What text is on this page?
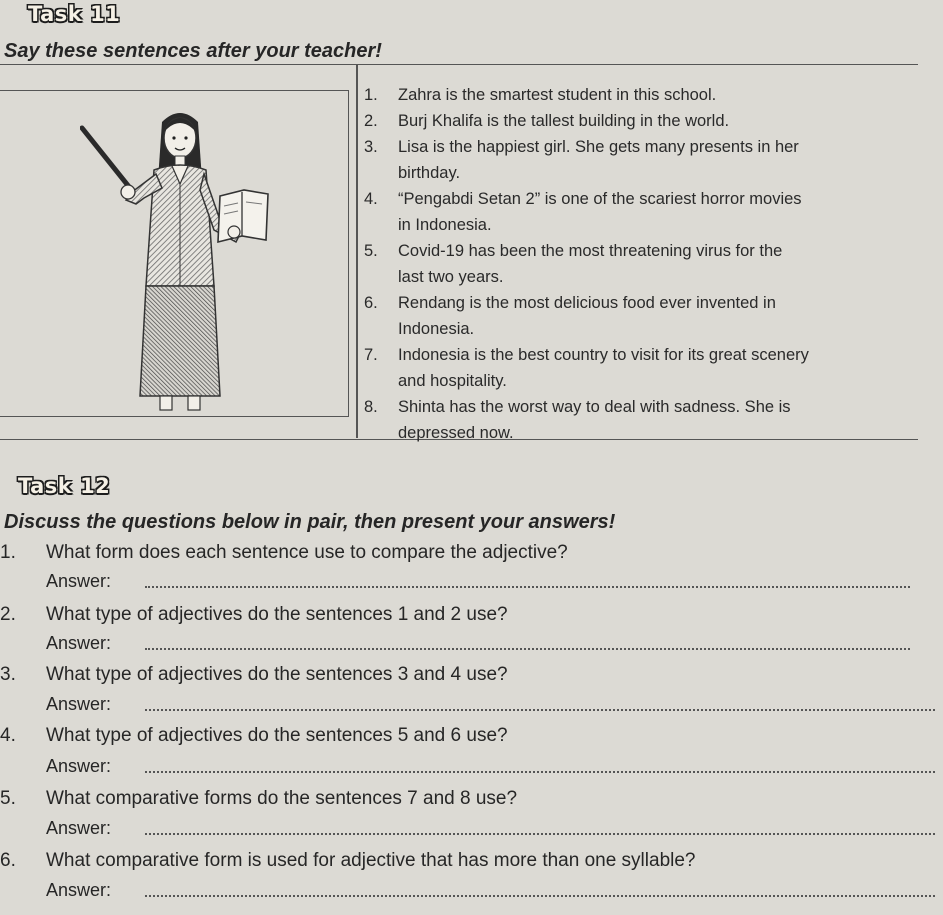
Task 11
Say these sentences after your teacher!
1. Zahra is the smartest student in this school.
2. Burj Khalifa is the tallest building in the world.
3. Lisa is the happiest girl. She gets many presents in her
birthday.
4. “Pengabdi Setan 2” is one of the scariest horror movies
in Indonesia.
5. Covid-19 has been the most threatening virus for the
last two years.
6. Rendang is the most delicious food ever invented in
Indonesia.
7. Indonesia is the best country to visit for its great scenery
and hospitality.
8. Shinta has the worst way to deal with sadness. She is
depressed now.
Task 12
Discuss the questions below in pair, then present your answers!
1. What form does each sentence use to compare the adjective?
Answer:
2. What type of adjectives do the sentences 1 and 2 use?
Answer:
3. What type of adjectives do the sentences 3 and 4 use?
Answer:
4. What type of adjectives do the sentences 5 and 6 use?
Answer:
5. What comparative forms do the sentences 7 and 8 use?
Answer:
6. What comparative form is used for adjective that has more than one syllable?
Answer:
